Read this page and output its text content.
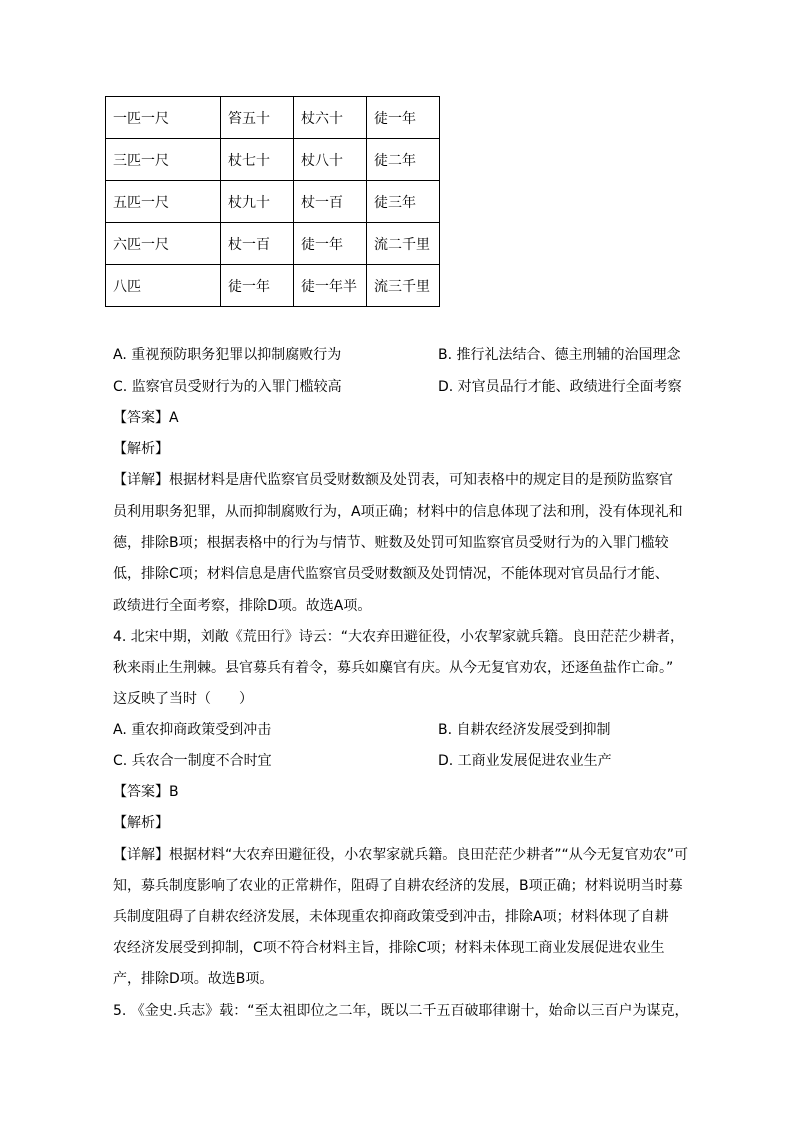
一匹一尺	笞五十	杖六十	徒一年
三匹一尺	杖七十	杖八十	徒二年
五匹一尺	杖九十	杖一百	徒三年
六匹一尺	杖一百	徒一年	流二千里
八匹	徒一年	徒一年半	流三千里
A. 重视预防职务犯罪以抑制腐败行为	B. 推行礼法结合、德主刑辅的治国理念
C. 监察官员受财行为的入罪门槛较高	D. 对官员品行才能、政绩进行全面考察
【答案】A
【解析】
【详解】根据材料是唐代监察官员受财数额及处罚表，可知表格中的规定目的是预防监察官
员利用职务犯罪，从而抑制腐败行为，A项正确；材料中的信息体现了法和刑，没有体现礼和
德，排除B项；根据表格中的行为与情节、赃数及处罚可知监察官员受财行为的入罪门槛较
低，排除C项；材料信息是唐代监察官员受财数额及处罚情况，不能体现对官员品行才能、
政绩进行全面考察，排除D项。故选A项。
4. 北宋中期，刘敞《荒田行》诗云：“大农弃田避征役，小农挈家就兵籍。良田茫茫少耕者，
秋来雨止生荆棘。县官募兵有着令，募兵如麋官有庆。从今无复官劝农，还逐鱼盐作亡命。”
这反映了当时（　　）
A. 重农抑商政策受到冲击	B. 自耕农经济发展受到抑制
C. 兵农合一制度不合时宜	D. 工商业发展促进农业生产
【答案】B
【解析】
【详解】根据材料“大农弃田避征役，小农挈家就兵籍。良田茫茫少耕者”“从今无复官劝农”可
知，募兵制度影响了农业的正常耕作，阻碍了自耕农经济的发展，B项正确；材料说明当时募
兵制度阻碍了自耕农经济发展，未体现重农抑商政策受到冲击，排除A项；材料体现了自耕
农经济发展受到抑制，C项不符合材料主旨，排除C项；材料未体现工商业发展促进农业生
产，排除D项。故选B项。
5. 《金史.兵志》载：“至太祖即位之二年，既以二千五百破耶律谢十，始命以三百户为谋克，
